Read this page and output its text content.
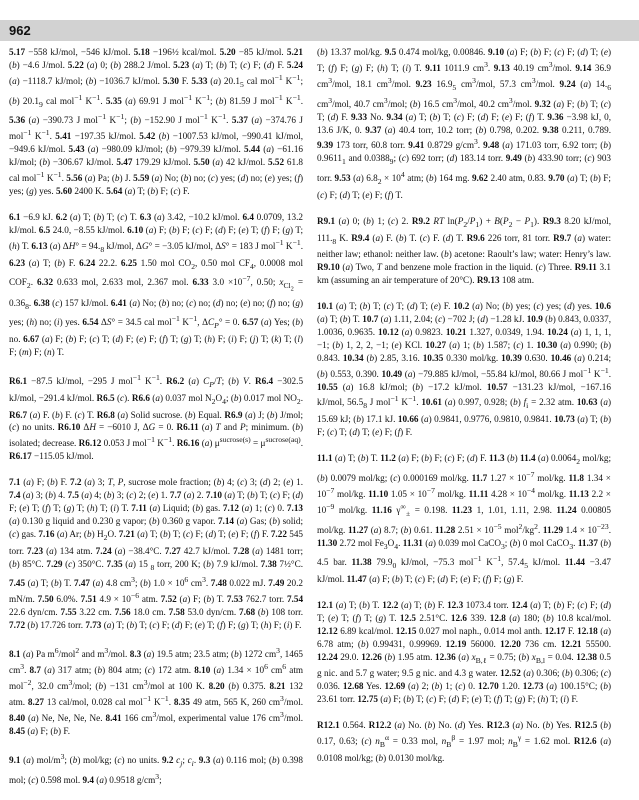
962

5.17 −558 kJ/mol, −546 kJ/mol. 5.18 −196½ kcal/mol. 5.20 −85 kJ/mol. 5.21 (b) −4.6 J/mol. 5.22 (a) 0; (b) 288.2 J/mol. 5.23 (a) T; (b) T; (c) F; (d) F. 5.24 (a) −1118.7 kJ/mol; (b) −1036.7 kJ/mol. 5.30 F. 5.33 (a) $20.1_5$ cal mol$^{-1}$ $K^{-1}$; (b) $20.1_9$ cal mol$^{-1}$ $K^{-1}$. 5.35 (a) 69.91 J mol$^{-1}$ $K^{-1}$; (b) 81.59 J mol$^{-1}$ $K^{-1}$. 5.36 (a) −390.73 J mol$^{-1}$ $K^{-1}$; (b) −152.90 J mol$^{-1}$ $K^{-1}$. 5.37 (a) −374.76 J mol$^{-1}$ $K^{-1}$. 5.41 −197.35 kJ/mol. 5.42 (b) −1007.53 kJ/mol, −990.41 kJ/mol, −949.6 kJ/mol. 5.43 (a) −980.09 kJ/mol; (b) −979.39 kJ/mol. 5.44 (a) −61.16 kJ/mol; (b) −306.67 kJ/mol. 5.47 179.29 kJ/mol. 5.50 (a) 42 kJ/mol. 5.52 61.8 cal mol$^{-1}$ $K^{-1}$. 5.56 (a) Pa; (b) J. 5.59 (a) No; (b) no; (c) yes; (d) no; (e) yes; (f) yes; (g) yes. 5.60 2400 K. 5.64 (a) T; (b) F; (c) F.

6.1 −6.9 kJ. 6.2 (a) T; (b) T; (c) T. 6.3 (a) 3.42, −10.2 kJ/mol. 6.4 0.0709, 13.2 kJ/mol. 6.5 24.0, −8.55 kJ/mol. 6.10 (a) F; (b) F; (c) F; (d) F; (e) T; (f) F; (g) T; (h) T. 6.13 (a) $\Delta H^\circ = 94._8$ kJ/mol, ΔG° = −3.05 kJ/mol, ΔS° = 183 J mol$^{-1}$ $K^{-1}$. 6.23 (a) T; (b) F. 6.24 22.2. 6.25 1.50 mol $CO_2$, 0.50 mol $CF_4$, 0.0008 mol $COF_2$. 6.32 0.633 mol, 2.633 mol, 2.367 mol. 6.33 $3.0 \times 10^{-7}$, 0.50; $x_{Cl_2} = 0.36_8$. 6.38 (c) 157 kJ/mol. 6.41 (a) No; (b) no; (c) no; (d) no; (e) no; (f) no; (g) yes; (h) no; (i) yes. 6.54 ΔS° = 34.5 cal mol$^{-1}$ $K^{-1}$, $\Delta C_P^\circ = 0$. 6.57 (a) Yes; (b) no. 6.67 (a) F; (b) F; (c) T; (d) F; (e) F; (f) T; (g) T; (h) F; (i) F; (j) T; (k) T; (l) F; (m) F; (n) T.

R6.1 −87.5 kJ/mol, −295 J mol$^{-1}$ $K^{-1}$. R6.2 (a) $C_P/T$; (b) V. R6.4 −302.5 kJ/mol, −291.4 kJ/mol. R6.5 (c). R6.6 (a) 0.037 mol $N_2O_4$; (b) 0.017 mol $NO_2$. R6.7 (a) F. (b) F. (c) T. R6.8 (a) Solid sucrose. (b) Equal. R6.9 (a) J; (b) J/mol; (c) no units. R6.10 ΔH = −6010 J, ΔG = 0. R6.11 (a) T and P; minimum. (b) isolated; decrease. R6.12 0.053 J mol$^{-1}$ $K^{-1}$. R6.16 (a) $\mu^{sucrose(s)} = \mu^{sucrose(aq)}$. R6.17 −115.05 kJ/mol.

7.1 (a) F; (b) F. 7.2 (a) 3; T, P, sucrose mole fraction; (b) 4; (c) 3; (d) 2; (e) 1. 7.4 (a) 3; (b) 4. 7.5 (a) 4; (b) 3; (c) 2; (e) 1. 7.7 (a) 2. 7.10 (a) T; (b) T; (c) F; (d) F; (e) T; (f) T; (g) T; (h) T; (i) T. 7.11 (a) Liquid; (b) gas. 7.12 (a) 1; (c) 0. 7.13 (a) 0.130 g liquid and 0.230 g vapor; (b) 0.360 g vapor. 7.14 (a) Gas; (b) solid; (c) gas. 7.16 (a) Ar; (b) $H_2O$. 7.21 (a) T; (b) T; (c) F; (d) T; (e) F; (f) F. 7.22 545 torr. 7.23 (a) 134 atm. 7.24 (a) −38.4°C. 7.27 42.7 kJ/mol. 7.28 (a) 1481 torr; (b) 85°C. 7.29 (c) 350°C. 7.35 (a) 15 $_8$ torr, 200 K; (b) 7.9 kJ/mol. 7.38 7½°C. 7.45 (a) T; (b) T. 7.47 (a) 4.8 $cm^3$; (b) $1.0 \times 10^6$ $cm^3$. 7.48 0.022 mJ. 7.49 20.2 mN/m. 7.50 6.0%. 7.51 $4.9 \times 10^{-6}$ atm. 7.52 (a) F; (b) T. 7.53 762.7 torr. 7.54 22.6 dyn/cm. 7.55 3.22 cm. 7.56 18.0 cm. 7.58 53.0 dyn/cm. 7.68 (b) 108 torr. 7.72 (b) 17.726 torr. 7.73 (a) T; (b) T; (c) F; (d) F; (e) T; (f) F; (g) T; (h) F; (i) F.

8.1 (a) Pa $m^6/mol^2$ and $m^3$/mol. 8.3 (a) 19.5 atm; 23.5 atm; (b) 1272 $cm^3$, 1465 $cm^3$. 8.7 (a) 317 atm; (b) 804 atm; (c) 172 atm. 8.10 (a) $1.34 \times 10^6$ $cm^6$ atm mol$^{-2}$, 32.0 $cm^3$/mol; (b) −131 $cm^3$/mol at 100 K. 8.20 (b) 0.375. 8.21 132 atm. 8.27 13 cal/mol, 0.028 cal mol$^{-1}$ $K^{-1}$. 8.35 49 atm, 565 K, 260 $cm^3$/mol. 8.40 (a) Ne, Ne, Ne, Ne. 8.41 166 $cm^3$/mol, experimental value 176 $cm^3$/mol. 8.45 (a) F; (b) F.

9.1 (a) mol/$m^3$; (b) mol/kg; (c) no units. 9.2 $c_j$; $c_i$. 9.3 (a) 0.116 mol; (b) 0.398 mol; (c) 0.598 mol. 9.4 (a) 0.9518 $g/cm^3$;

(b) 13.37 mol/kg. 9.5 0.474 mol/kg, 0.00846. 9.10 (a) F; (b) F; (c) F; (d) T; (e) T; (f) F; (g) F; (h) T; (i) T. 9.11 1011.9 $cm^3$. 9.13 40.19 $cm^3$/mol. 9.14 36.9 $cm^3$/mol, 18.1 $cm^3$/mol. 9.23 $16.9_5$ $cm^3$/mol, 57.3 $cm^3$/mol. 9.24 (a) $14._6$ $cm^3$/mol, 40.7 $cm^3$/mol; (b) 16.5 $cm^3$/mol, 40.2 $cm^3$/mol. 9.32 (a) F; (b) T; (c) T; (d) F. 9.33 No. 9.34 (a) T; (b) T; (c) F; (d) F; (e) F; (f) T. 9.36 −3.98 kJ, 0, 13.6 J/K, 0. 9.37 (a) 40.4 torr, 10.2 torr; (b) 0.798, 0.202. 9.38 0.211, 0.789. 9.39 173 torr, 60.8 torr. 9.41 0.8729 $g/cm^3$. 9.48 (a) 171.03 torr, 6.92 torr; (b) $0.9611_1$ and $0.0388_9$; (c) 692 torr; (d) 183.14 torr. 9.49 (b) 433.90 torr; (c) 903 torr. 9.53 (a) $6.8_2 \times 10^4$ atm; (b) 164 mg. 9.62 2.40 atm, 0.83. 9.70 (a) T; (b) F; (c) F; (d) T; (e) F; (f) T.

R9.1 (a) 0; (b) 1; (c) 2. R9.2 RT $\ln(P_2/P_1) + B(P_2 - P_1)$. R9.3 8.20 kJ/mol, $111._8$ K. R9.4 (a) F. (b) T. (c) F. (d) T. R9.6 226 torr, 81 torr. R9.7 (a) water: neither law; ethanol: neither law. (b) acetone: Raoult’s law; water: Henry’s law. R9.10 (a) Two, T and benzene mole fraction in the liquid. (c) Three. R9.11 3.1 km (assuming an air temperature of 20°C). R9.13 108 atm.

10.1 (a) T; (b) T; (c) T; (d) T; (e) F. 10.2 (a) No; (b) yes; (c) yes; (d) yes. 10.6 (a) T; (b) T. 10.7 (a) 1.11, 2.04; (c) −702 J; (d) −1.28 kJ. 10.9 (b) 0.843, 0.0337, 1.0036, 0.9635. 10.12 (a) 0.9823. 10.21 1.327, 0.0349, 1.94. 10.24 (a) 1, 1, 1, −1; (b) 1, 2, 2, −1; (e) KCl. 10.27 (a) 1; (b) 1.587; (c) 1. 10.30 (a) 0.990; (b) 0.843. 10.34 (b) 2.85, 3.16. 10.35 0.330 mol/kg. 10.39 0.630. 10.46 (a) 0.214; (b) 0.553, 0.390. 10.49 (a) −79.885 kJ/mol, −55.84 kJ/mol, 80.66 J mol$^{-1}$ $K^{-1}$. 10.55 (a) 16.8 kJ/mol; (b) −17.2 kJ/mol. 10.57 −131.23 kJ/mol, −167.16 kJ/mol, $56.5_8$ J mol$^{-1}$ $K^{-1}$. 10.61 (a) 0.997, 0.928; (b) $f_i = 2.32$ atm. 10.63 (a) 15.69 kJ; (b) 17.1 kJ. 10.66 (a) 0.9841, 0.9776, 0.9810, 0.9841. 10.73 (a) T; (b) F; (c) T; (d) T; (e) F; (f) F.

11.1 (a) T; (b) T. 11.2 (a) F; (b) F; (c) F; (d) F. 11.3 (b) 11.4 (a) $0.0064_2$ mol/kg; (b) 0.0079 mol/kg; (c) 0.000169 mol/kg. 11.7 $1.27 \times 10^{-7}$ mol/kg. 11.8 $1.34 \times 10^{-7}$ mol/kg. 11.10 $1.05 \times 10^{-7}$ mol/kg. 11.11 $4.28 \times 10^{-4}$ mol/kg. 11.13 $2.2 \times 10^{-9}$ mol/kg. 11.16 $\gamma^\infty_\pm = 0.198$. 11.23 1, 1.01, 1.11, 2.98. 11.24 0.00805 mol/kg. 11.27 (a) 8.7; (b) 0.61. 11.28 $2.51 \times 10^{-5}$ $mol^2/kg^2$. 11.29 $1.4 \times 10^{-23}$. 11.30 2.72 mol $Fe_3O_4$. 11.31 (a) 0.039 mol CaCO$_3$; (b) 0 mol CaCO$_3$. 11.37 (b) 4.5 bar. 11.38 $79.9_0$ kJ/mol, −75.3 mol$^{-1}$ $K^{-1}$, $57.4_5$ kJ/mol. 11.44 −3.47 kJ/mol. 11.47 (a) F; (b) T; (c) F; (d) F; (e) F; (f) F; (g) F.

12.1 (a) T; (b) T. 12.2 (a) T; (b) F. 12.3 1073.4 torr. 12.4 (a) T; (b) F; (c) F; (d) T; (e) T; (f) T; (g) T. 12.5 2.51°C. 12.6 339. 12.8 (a) 180; (b) 10.8 kcal/mol. 12.12 6.89 kcal/mol. 12.15 0.027 mol naph., 0.014 mol anth. 12.17 F. 12.18 (a) 6.78 atm; (b) 0.99431, 0.99969. 12.19 56000. 12.20 736 cm. 12.21 55500. 12.24 29.0. 12.26 (b) 1.95 atm. 12.36 (a) $x_{B,\ell} = 0.75$; (b) $x_{B,l} = 0.04$. 12.38 0.5 g nic. and 5.7 g water; 9.5 g nic. and 4.3 g water. 12.52 (a) 0.306; (b) 0.306; (c) 0.036. 12.68 Yes. 12.69 (a) 2; (b) 1; (c) 0. 12.70 1.20. 12.73 (a) 100.15°C; (b) 23.61 torr. 12.75 (a) F; (b) T; (c) F; (d) F; (e) T; (f) T; (g) F; (h) T; (i) F.

R12.1 0.564. R12.2 (a) No. (b) No. (d) Yes. R12.3 (a) No. (b) Yes. R12.5 (b) 0.17, 0.63; (c) $n_B^\alpha = 0.33$ mol, $n_B^\beta = 1.97$ mol; $n_B^\gamma = 1.62$ mol. R12.6 (a) 0.0108 mol/kg; (b) 0.0130 mol/kg.
